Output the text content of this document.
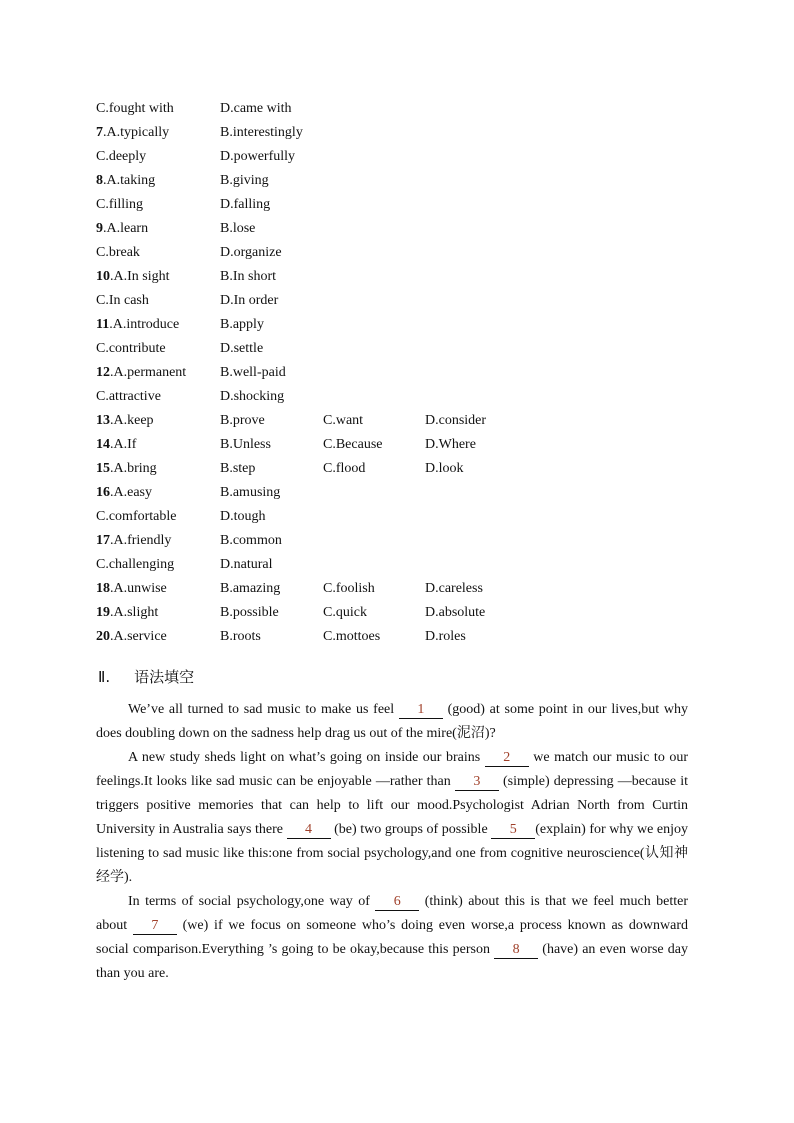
C.fought with	D.came with
7.A.typically	B.interestingly
C.deeply	D.powerfully
8.A.taking	B.giving
C.filling	D.falling
9.A.learn	B.lose
C.break	D.organize
10.A.In sight	B.In short
C.In cash	D.In order
11.A.introduce	B.apply
C.contribute	D.settle
12.A.permanent B.well-paid
C.attractive	D.shocking
13.A.keep	B.prove	C.want	D.consider
14.A.If	B.Unless	C.Because	D.Where
15.A.bring	B.step	C.flood	D.look
16.A.easy	B.amusing
C.comfortable	D.tough
17.A.friendly	B.common
C.challenging	D.natural
18.A.unwise	B.amazing	C.foolish	D.careless
19.A.slight	B.possible	C.quick	D.absolute
20.A.service	B.roots	C.mottoes	D.roles
Ⅱ. 语法填空

We’ve all turned to sad music to make us feel 1 (good) at some point in our lives,but why does doubling down on the sadness help drag us out of the mire(泥沼)?

A new study sheds light on what’s going on inside our brains 2 we match our music to our feelings.It looks like sad music can be enjoyable —rather than 3 (simple) depressing —because it triggers positive memories that can help to lift our mood.Psychologist Adrian North from Curtin University in Australia says there 4 (be) two groups of possible 5 (explain) for why we enjoy listening to sad music like this:one from social psychology,and one from cognitive neuroscience(认知神经学).

In terms of social psychology,one way of 6 (think) about this is that we feel much better about 7 (we) if we focus on someone who’s doing even worse,a process known as downward social comparison.Everything ’s going to be okay,because this person 8 (have) an even worse day than you are.
